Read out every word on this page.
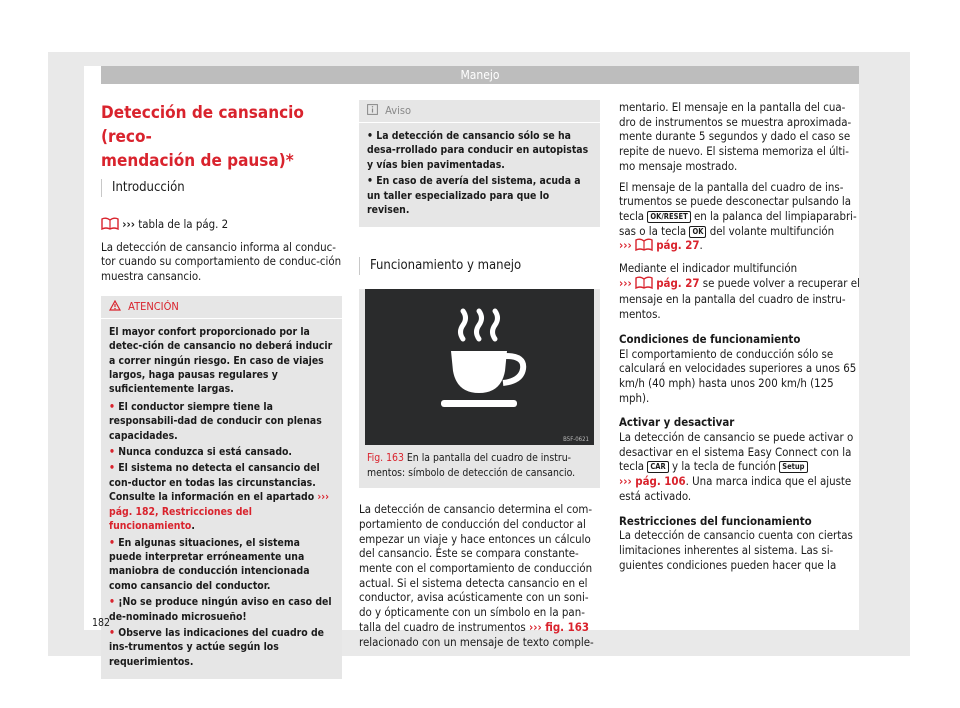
Manejo

Detección de cansancio (reco-

mendación de pausa)*

Introducción

››› tabla de la pág. 2

La detección de cansancio informa al conduc-tor cuando su comportamiento de conduc-ción muestra cansancio.

ATENCIÓN

El mayor confort proporcionado por la detec-ción de cansancio no deberá inducir a correr ningún riesgo. En caso de viajes largos, haga pausas regulares y suficientemente largas.

• El conductor siempre tiene la responsabili-dad de conducir con plenas capacidades.

• Nunca conduzca si está cansado.

• El sistema no detecta el cansancio del con-ductor en todas las circunstancias. Consulte la información en el apartado ››› pág. 182, Restricciones del funcionamiento.

• En algunas situaciones, el sistema puede interpretar erróneamente una maniobra de conducción intencionada como cansancio del conductor.

• ¡No se produce ningún aviso en caso del de-nominado microsueño!

• Observe las indicaciones del cuadro de ins-trumentos y actúe según los requerimientos.

Aviso

• La detección de cansancio sólo se ha desa-rrollado para conducir en autopistas y vías bien pavimentadas.

• En caso de avería del sistema, acuda a un taller especializado para que lo revisen.

Funcionamiento y manejo

B5F-0621
Fig. 163 En la pantalla del cuadro de instru-mentos: símbolo de detección de cansancio.

La detección de cansancio determina el com-portamiento de conducción del conductor al empezar un viaje y hace entonces un cálculo del cansancio. Éste se compara constante-mente con el comportamiento de conducción actual. Si el sistema detecta cansancio en el conductor, avisa acústicamente con un soni-do y ópticamente con un símbolo en la pan-talla del cuadro de instrumentos ››› fig. 163 relacionado con un mensaje de texto comple-

mentario. El mensaje en la pantalla del cua-dro de instrumentos se muestra aproximada-mente durante 5 segundos y dado el caso se repite de nuevo. El sistema memoriza el últi-mo mensaje mostrado.

El mensaje de la pantalla del cuadro de ins-trumentos se puede desconectar pulsando la tecla OK/RESET en la palanca del limpiaparabri-sas o la tecla OK del volante multifunción
››› pág. 27.

Mediante el indicador multifunción
››› pág. 27 se puede volver a recuperar el mensaje en la pantalla del cuadro de instru-mentos.

Condiciones de funcionamiento

El comportamiento de conducción sólo se calculará en velocidades superiores a unos 65 km/h (40 mph) hasta unos 200 km/h (125 mph).

Activar y desactivar

La detección de cansancio se puede activar o desactivar en el sistema Easy Connect con la tecla CAR y la tecla de función Setup
››› pág. 106. Una marca indica que el ajuste está activado.

Restricciones del funcionamiento

La detección de cansancio cuenta con ciertas limitaciones inherentes al sistema. Las si-guientes condiciones pueden hacer que la

182
